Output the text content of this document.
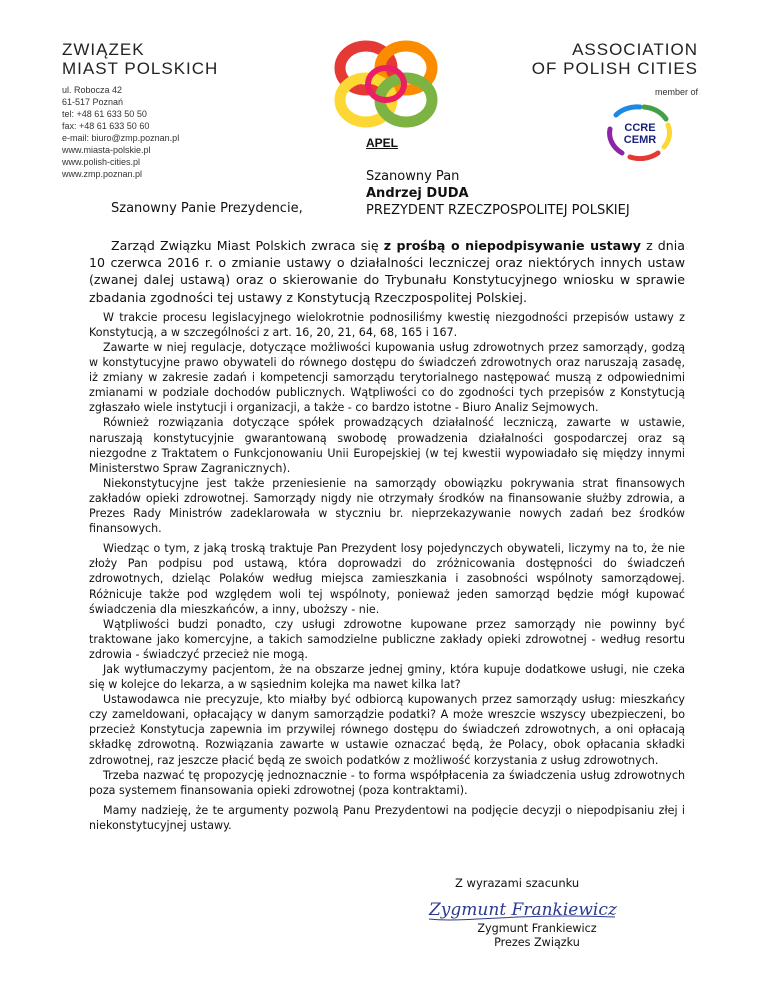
ZWIĄZEK
MIAST POLSKICH
ul. Robocza 42
61-517 Poznań
tel: +48 61 633 50 50
fax: +48 61 633 50 60
e-mail: biuro@zmp.poznan.pl
www.miasta-polskie.pl
www.polish-cities.pl
www.zmp.poznan.pl
APEL
ASSOCIATION
OF POLISH CITIES
member of
CCRE
CEMR
Szanowny Pan
Andrzej DUDA
PREZYDENT RZECZPOSPOLITEJ POLSKIEJ
Szanowny Panie Prezydencie,

Zarząd Związku Miast Polskich zwraca się z prośbą o niepodpisywanie ustawy z dnia 10 czerwca 2016 r. o zmianie ustawy o działalności leczniczej oraz niektórych innych ustaw (zwanej dalej ustawą) oraz o skierowanie do Trybunału Konstytucyjnego wniosku w sprawie zbadania zgodności tej ustawy z Konstytucją Rzeczpospolitej Polskiej.

W trakcie procesu legislacyjnego wielokrotnie podnosiliśmy kwestię niezgodności przepisów ustawy z Konstytucją, a w szczególności z art. 16, 20, 21, 64, 68, 165 i 167.

Zawarte w niej regulacje, dotyczące możliwości kupowania usług zdrowotnych przez samorządy, godzą w konstytucyjne prawo obywateli do równego dostępu do świadczeń zdrowotnych oraz naruszają zasadę, iż zmiany w zakresie zadań i kompetencji samorządu terytorialnego następować muszą z odpowiednimi zmianami w podziale dochodów publicznych. Wątpliwości co do zgodności tych przepisów z Konstytucją zgłaszało wiele instytucji i organizacji, a także - co bardzo istotne - Biuro Analiz Sejmowych.

Również rozwiązania dotyczące spółek prowadzących działalność leczniczą, zawarte w ustawie, naruszają konstytucyjnie gwarantowaną swobodę prowadzenia działalności gospodarczej oraz są niezgodne z Traktatem o Funkcjonowaniu Unii Europejskiej (w tej kwestii wypowiadało się między innymi Ministerstwo Spraw Zagranicznych).

Niekonstytucyjne jest także przeniesienie na samorządy obowiązku pokrywania strat finansowych zakładów opieki zdrowotnej. Samorządy nigdy nie otrzymały środków na finansowanie służby zdrowia, a Prezes Rady Ministrów zadeklarowała w styczniu br. nieprzekazywanie nowych zadań bez środków finansowych.

Wiedząc o tym, z jaką troską traktuje Pan Prezydent losy pojedynczych obywateli, liczymy na to, że nie złoży Pan podpisu pod ustawą, która doprowadzi do zróżnicowania dostępności do świadczeń zdrowotnych, dzieląc Polaków według miejsca zamieszkania i zasobności wspólnoty samorządowej. Różnicuje także pod względem woli tej wspólnoty, ponieważ jeden samorząd będzie mógł kupować świadczenia dla mieszkańców, a inny, uboższy - nie.

Wątpliwości budzi ponadto, czy usługi zdrowotne kupowane przez samorządy nie powinny być traktowane jako komercyjne, a takich samodzielne publiczne zakłady opieki zdrowotnej - według resortu zdrowia - świadczyć przecież nie mogą.

Jak wytłumaczymy pacjentom, że na obszarze jednej gminy, która kupuje dodatkowe usługi, nie czeka się w kolejce do lekarza, a w sąsiednim kolejka ma nawet kilka lat?

Ustawodawca nie precyzuje, kto miałby być odbiorcą kupowanych przez samorządy usług: mieszkańcy czy zameldowani, opłacający w danym samorządzie podatki? A może wreszcie wszyscy ubezpieczeni, bo przecież Konstytucja zapewnia im przywilej równego dostępu do świadczeń zdrowotnych, a oni opłacają składkę zdrowotną. Rozwiązania zawarte w ustawie oznaczać będą, że Polacy, obok opłacania składki zdrowotnej, raz jeszcze płacić będą ze swoich podatków z możliwość korzystania z usług zdrowotnych.

Trzeba nazwać tę propozycję jednoznacznie - to forma współpłacenia za świadczenia usług zdrowotnych poza systemem finansowania opieki zdrowotnej (poza kontraktami).

Mamy nadzieję, że te argumenty pozwolą Panu Prezydentowi na podjęcie decyzji o niepodpisaniu złej i niekonstytucyjnej ustawy.

Z wyrazami szacunku
Zygmunt Frankiewicz
Zygmunt Frankiewicz
Prezes Związku
